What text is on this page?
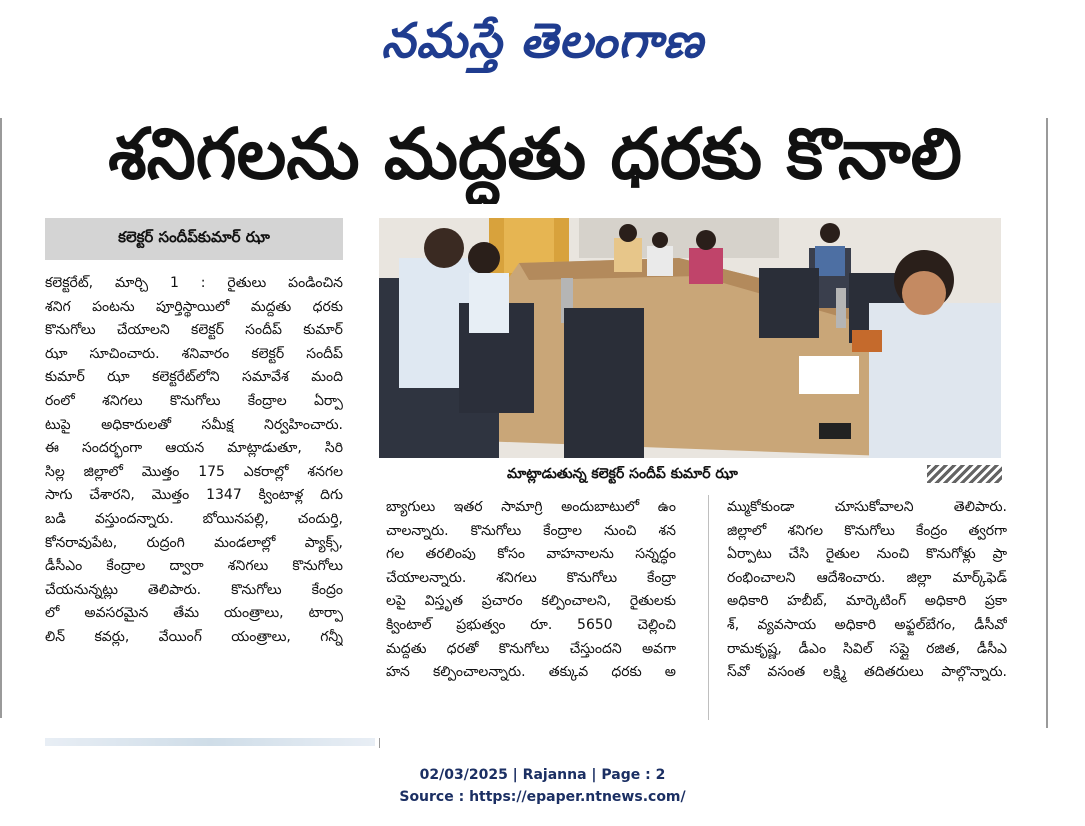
నమస్తే తెలంగాణ
శనిగలను మద్దతు ధరకు కొనాలి
కలెక్టర్ సందీప్‌కుమార్ ఝా
కలెక్టరేట్, మార్చి 1 : రైతులు పండించిన
శనిగ పంటను పూర్తిస్థాయిలో మద్దతు ధరకు
కొనుగోలు చేయాలని కలెక్టర్ సందీప్ కుమార్
ఝా సూచించారు. శనివారం కలెక్టర్ సందీప్
కుమార్ ఝా కలెక్టరేట్‌లోని సమావేశ మంది
రంలో శనిగలు కొనుగోలు కేంద్రాల ఏర్పా
టుపై అధికారులతో సమీక్ష నిర్వహించారు.
ఈ సందర్భంగా ఆయన మాట్లాడుతూ, సిరి
సిల్ల జిల్లాలో మొత్తం 175 ఎకరాల్లో శనగల
సాగు చేశారని, మొత్తం 1347 క్వింటాళ్ల దిగు
బడి వస్తుందన్నారు. బోయినపల్లి, చందుర్తి,
కోనరావుపేట, రుద్రంగి మండలాల్లో ప్యాక్స్,
డీసీఎం కేంద్రాల ద్వారా శనిగలు కొనుగోలు
చేయనున్నట్లు తెలిపారు. కొనుగోలు కేంద్రం
లో అవసరమైన తేమ యంత్రాలు, టార్పా
లిన్ కవర్లు, వేయింగ్ యంత్రాలు, గన్నీ
మాట్లాడుతున్న కలెక్టర్ సందీప్ కుమార్ ఝా
బ్యాగులు ఇతర సామాగ్రి అందుబాటులో ఉం
చాలన్నారు. కొనుగోలు కేంద్రాల నుంచి శన
గల తరలింపు కోసం వాహనాలను సన్నద్ధం
చేయాలన్నారు. శనిగలు కొనుగోలు కేంద్రా
లపై విస్తృత ప్రచారం కల్పించాలని, రైతులకు
క్వింటాల్ ప్రభుత్వం రూ. 5650 చెల్లించి
మద్దతు ధరతో కొనుగోలు చేస్తుందని అవగా
హన కల్పించాలన్నారు. తక్కువ ధరకు అ
మ్ముకోకుండా చూసుకోవాలని తెలిపారు.
జిల్లాలో శనిగల కొనుగోలు కేంద్రం త్వరగా
ఏర్పాటు చేసి రైతుల నుంచి కొనుగోళ్లు ప్రా
రంభించాలని ఆదేశించారు. జిల్లా మార్క్‌ఫెడ్
అధికారి హబీబ్, మార్కెటింగ్ అధికారి ప్రకా
శ్, వ్యవసాయ అధికారి అఫ్జల్‌బేగం, డీసీవో
రామకృష్ణ, డీఎం సివిల్ సప్లై రజిత, డీసీఎ
స్‌వో వసంత లక్ష్మి తదితరులు పాల్గొన్నారు.
02/03/2025 | Rajanna | Page : 2
Source : https://epaper.ntnews.com/
